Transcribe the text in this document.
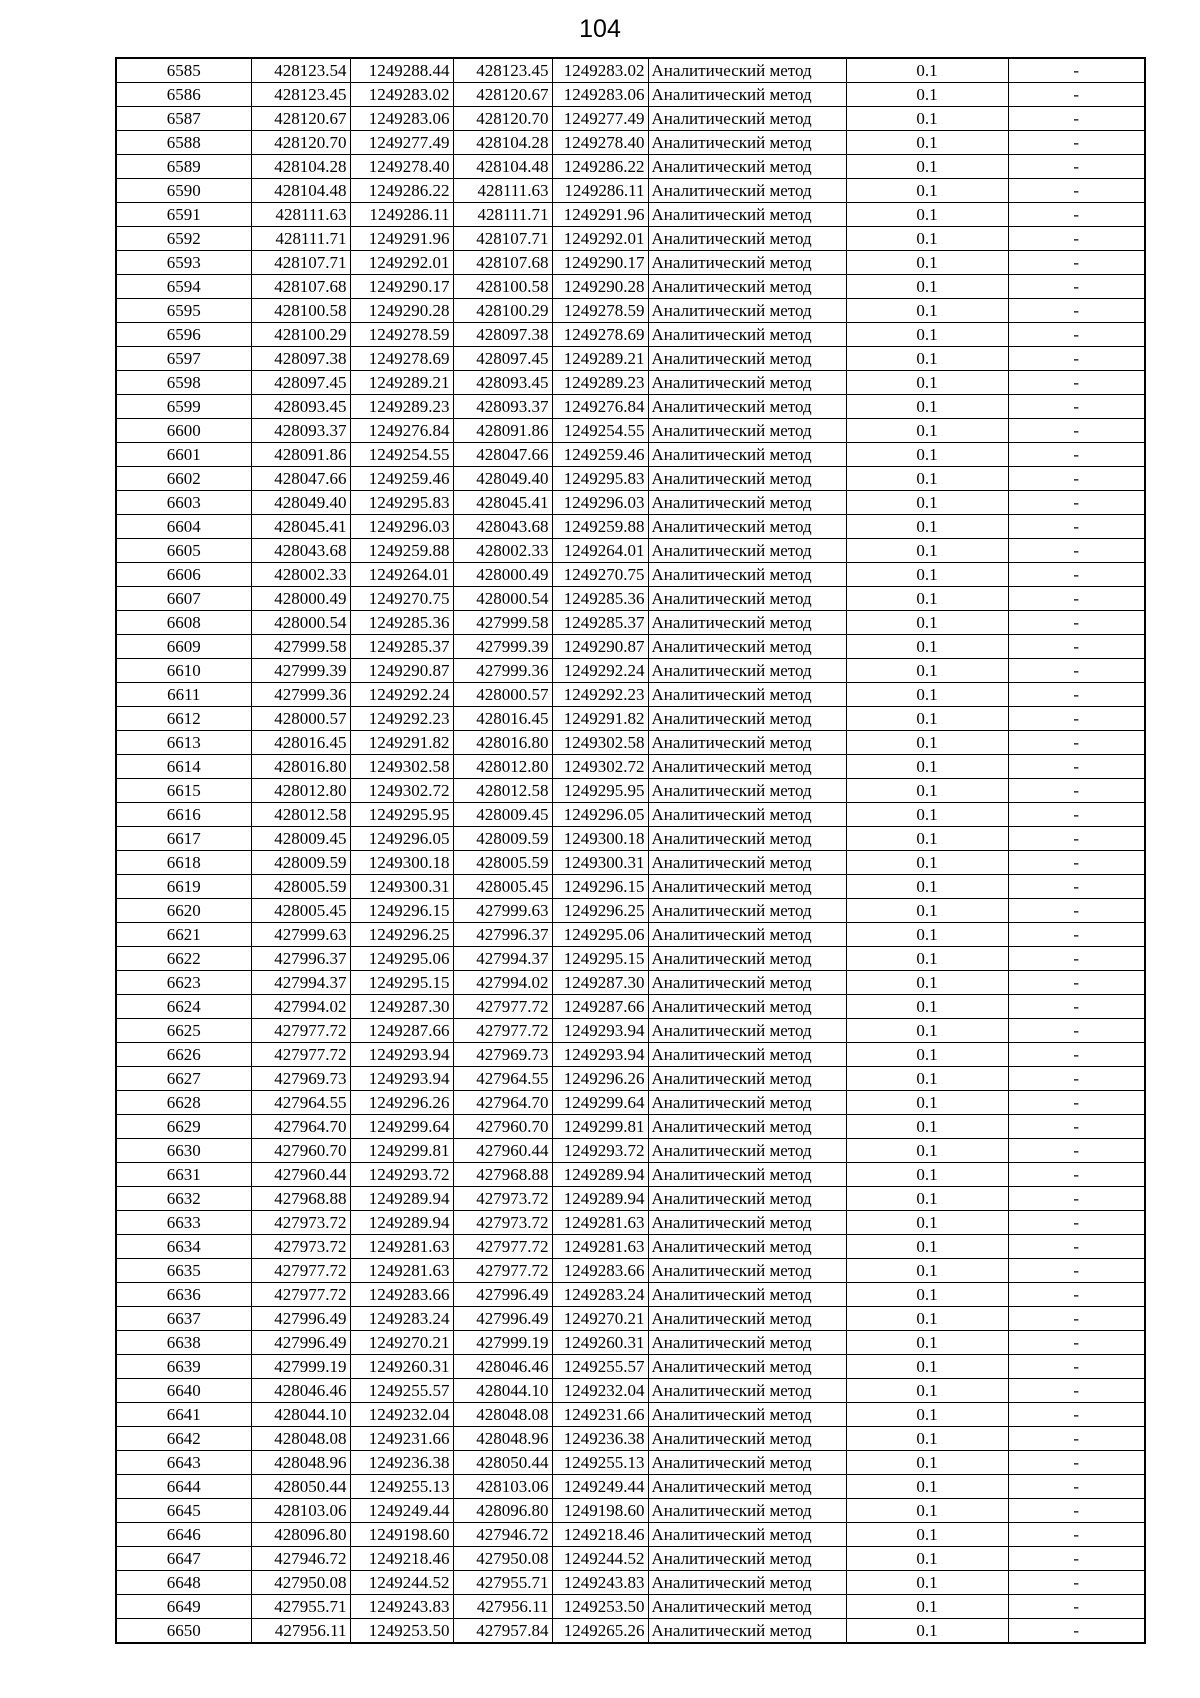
104
6585	428123.54	1249288.44	428123.45	1249283.02	Аналитический метод	0.1	-
6586	428123.45	1249283.02	428120.67	1249283.06	Аналитический метод	0.1	-
6587	428120.67	1249283.06	428120.70	1249277.49	Аналитический метод	0.1	-
6588	428120.70	1249277.49	428104.28	1249278.40	Аналитический метод	0.1	-
6589	428104.28	1249278.40	428104.48	1249286.22	Аналитический метод	0.1	-
6590	428104.48	1249286.22	428111.63	1249286.11	Аналитический метод	0.1	-
6591	428111.63	1249286.11	428111.71	1249291.96	Аналитический метод	0.1	-
6592	428111.71	1249291.96	428107.71	1249292.01	Аналитический метод	0.1	-
6593	428107.71	1249292.01	428107.68	1249290.17	Аналитический метод	0.1	-
6594	428107.68	1249290.17	428100.58	1249290.28	Аналитический метод	0.1	-
6595	428100.58	1249290.28	428100.29	1249278.59	Аналитический метод	0.1	-
6596	428100.29	1249278.59	428097.38	1249278.69	Аналитический метод	0.1	-
6597	428097.38	1249278.69	428097.45	1249289.21	Аналитический метод	0.1	-
6598	428097.45	1249289.21	428093.45	1249289.23	Аналитический метод	0.1	-
6599	428093.45	1249289.23	428093.37	1249276.84	Аналитический метод	0.1	-
6600	428093.37	1249276.84	428091.86	1249254.55	Аналитический метод	0.1	-
6601	428091.86	1249254.55	428047.66	1249259.46	Аналитический метод	0.1	-
6602	428047.66	1249259.46	428049.40	1249295.83	Аналитический метод	0.1	-
6603	428049.40	1249295.83	428045.41	1249296.03	Аналитический метод	0.1	-
6604	428045.41	1249296.03	428043.68	1249259.88	Аналитический метод	0.1	-
6605	428043.68	1249259.88	428002.33	1249264.01	Аналитический метод	0.1	-
6606	428002.33	1249264.01	428000.49	1249270.75	Аналитический метод	0.1	-
6607	428000.49	1249270.75	428000.54	1249285.36	Аналитический метод	0.1	-
6608	428000.54	1249285.36	427999.58	1249285.37	Аналитический метод	0.1	-
6609	427999.58	1249285.37	427999.39	1249290.87	Аналитический метод	0.1	-
6610	427999.39	1249290.87	427999.36	1249292.24	Аналитический метод	0.1	-
6611	427999.36	1249292.24	428000.57	1249292.23	Аналитический метод	0.1	-
6612	428000.57	1249292.23	428016.45	1249291.82	Аналитический метод	0.1	-
6613	428016.45	1249291.82	428016.80	1249302.58	Аналитический метод	0.1	-
6614	428016.80	1249302.58	428012.80	1249302.72	Аналитический метод	0.1	-
6615	428012.80	1249302.72	428012.58	1249295.95	Аналитический метод	0.1	-
6616	428012.58	1249295.95	428009.45	1249296.05	Аналитический метод	0.1	-
6617	428009.45	1249296.05	428009.59	1249300.18	Аналитический метод	0.1	-
6618	428009.59	1249300.18	428005.59	1249300.31	Аналитический метод	0.1	-
6619	428005.59	1249300.31	428005.45	1249296.15	Аналитический метод	0.1	-
6620	428005.45	1249296.15	427999.63	1249296.25	Аналитический метод	0.1	-
6621	427999.63	1249296.25	427996.37	1249295.06	Аналитический метод	0.1	-
6622	427996.37	1249295.06	427994.37	1249295.15	Аналитический метод	0.1	-
6623	427994.37	1249295.15	427994.02	1249287.30	Аналитический метод	0.1	-
6624	427994.02	1249287.30	427977.72	1249287.66	Аналитический метод	0.1	-
6625	427977.72	1249287.66	427977.72	1249293.94	Аналитический метод	0.1	-
6626	427977.72	1249293.94	427969.73	1249293.94	Аналитический метод	0.1	-
6627	427969.73	1249293.94	427964.55	1249296.26	Аналитический метод	0.1	-
6628	427964.55	1249296.26	427964.70	1249299.64	Аналитический метод	0.1	-
6629	427964.70	1249299.64	427960.70	1249299.81	Аналитический метод	0.1	-
6630	427960.70	1249299.81	427960.44	1249293.72	Аналитический метод	0.1	-
6631	427960.44	1249293.72	427968.88	1249289.94	Аналитический метод	0.1	-
6632	427968.88	1249289.94	427973.72	1249289.94	Аналитический метод	0.1	-
6633	427973.72	1249289.94	427973.72	1249281.63	Аналитический метод	0.1	-
6634	427973.72	1249281.63	427977.72	1249281.63	Аналитический метод	0.1	-
6635	427977.72	1249281.63	427977.72	1249283.66	Аналитический метод	0.1	-
6636	427977.72	1249283.66	427996.49	1249283.24	Аналитический метод	0.1	-
6637	427996.49	1249283.24	427996.49	1249270.21	Аналитический метод	0.1	-
6638	427996.49	1249270.21	427999.19	1249260.31	Аналитический метод	0.1	-
6639	427999.19	1249260.31	428046.46	1249255.57	Аналитический метод	0.1	-
6640	428046.46	1249255.57	428044.10	1249232.04	Аналитический метод	0.1	-
6641	428044.10	1249232.04	428048.08	1249231.66	Аналитический метод	0.1	-
6642	428048.08	1249231.66	428048.96	1249236.38	Аналитический метод	0.1	-
6643	428048.96	1249236.38	428050.44	1249255.13	Аналитический метод	0.1	-
6644	428050.44	1249255.13	428103.06	1249249.44	Аналитический метод	0.1	-
6645	428103.06	1249249.44	428096.80	1249198.60	Аналитический метод	0.1	-
6646	428096.80	1249198.60	427946.72	1249218.46	Аналитический метод	0.1	-
6647	427946.72	1249218.46	427950.08	1249244.52	Аналитический метод	0.1	-
6648	427950.08	1249244.52	427955.71	1249243.83	Аналитический метод	0.1	-
6649	427955.71	1249243.83	427956.11	1249253.50	Аналитический метод	0.1	-
6650	427956.11	1249253.50	427957.84	1249265.26	Аналитический метод	0.1	-
